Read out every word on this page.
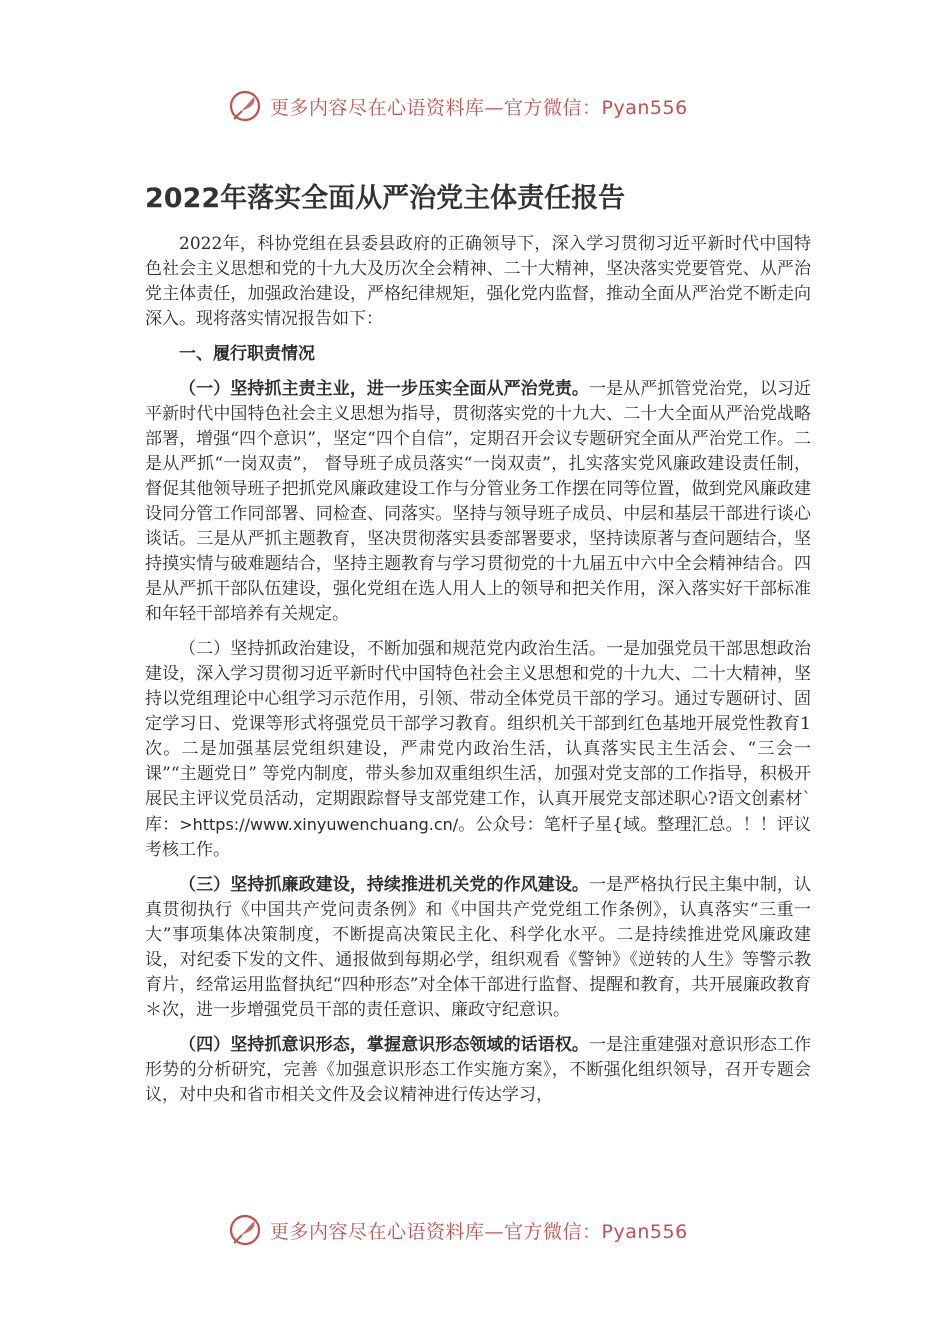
更多内容尽在心语资料库—官方微信：Pyan556
2022年落实全面从严治党主体责任报告

2022年，科协党组在县委县政府的正确领导下，深入学习贯彻习近平新时代中国特色社会主义思想和党的十九大及历次全会精神、二十大精神，坚决落实党要管党、从严治党主体责任，加强政治建设，严格纪律规矩，强化党内监督，推动全面从严治党不断走向深入。现将落实情况报告如下：

一、履行职责情况

（一）坚持抓主责主业，进一步压实全面从严治党责。一是从严抓管党治党，以习近平新时代中国特色社会主义思想为指导，贯彻落实党的十九大、二十大全面从严治党战略部署，增强“四个意识”，坚定“四个自信”，定期召开会议专题研究全面从严治党工作。二是从严抓“一岗双责”， 督导班子成员落实“一岗双责”，扎实落实党风廉政建设责任制，督促其他领导班子把抓党风廉政建设工作与分管业务工作摆在同等位置，做到党风廉政建设同分管工作同部署、同检查、同落实。坚持与领导班子成员、中层和基层干部进行谈心谈话。三是从严抓主题教育，坚决贯彻落实县委部署要求，坚持读原著与查问题结合，坚持摸实情与破难题结合，坚持主题教育与学习贯彻党的十九届五中六中全会精神结合。四是从严抓干部队伍建设，强化党组在选人用人上的领导和把关作用，深入落实好干部标准和年轻干部培养有关规定。

（二）坚持抓政治建设，不断加强和规范党内政治生活。一是加强党员干部思想政治建设，深入学习贯彻习近平新时代中国特色社会主义思想和党的十九大、二十大精神，坚持以党组理论中心组学习示范作用，引领、带动全体党员干部的学习。通过专题研讨、固定学习日、党课等形式将强党员干部学习教育。组织机关干部到红色基地开展党性教育1次。二是加强基层党组织建设，严肃党内政治生活，认真落实民主生活会、“三会一课”“主题党日” 等党内制度，带头参加双重组织生活，加强对党支部的工作指导，积极开展民主评议党员活动，定期跟踪督导支部党建工作，认真开展党支部述职心?语文创素材`库：>https://www.xinyuwenchuang.cn/。公众号：笔杆子星{域。整理汇总。！！评议考核工作。

（三）坚持抓廉政建设，持续推进机关党的作风建设。一是严格执行民主集中制，认真贯彻执行《中国共产党问责条例》和《中国共产党党组工作条例》，认真落实“三重一大”事项集体决策制度，不断提高决策民主化、科学化水平。二是持续推进党风廉政建设，对纪委下发的文件、通报做到每期必学，组织观看《警钟》《逆转的人生》等警示教育片，经常运用监督执纪“四种形态”对全体干部进行监督、提醒和教育，共开展廉政教育＊次，进一步增强党员干部的责任意识、廉政守纪意识。

（四）坚持抓意识形态，掌握意识形态领域的话语权。一是注重建强对意识形态工作形势的分析研究，完善《加强意识形态工作实施方案》，不断强化组织领导，召开专题会议，对中央和省市相关文件及会议精神进行传达学习，

更多内容尽在心语资料库—官方微信：Pyan556
